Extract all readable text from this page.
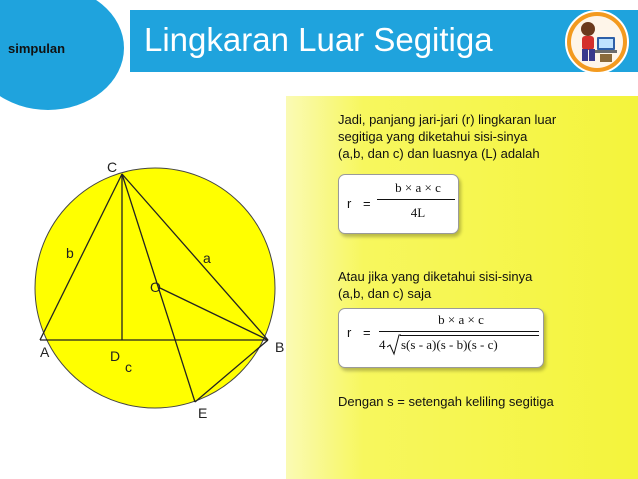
simpulan Lingkaran Luar Segitiga
Jadi, panjang jari-jari (r) lingkaran luar
segitiga yang diketahui sisi-sinya
(a,b, dan c) dan luasnya (L) adalah
r =
b × a × c
4L
Atau jika yang diketahui sisi-sinya
(a,b, dan c) saja
r =
b × a × c
4 s(s - a)(s - b)(s - c)
Dengan s = setengah keliling segitiga
C
b	a
O
A	D
c
B
E
